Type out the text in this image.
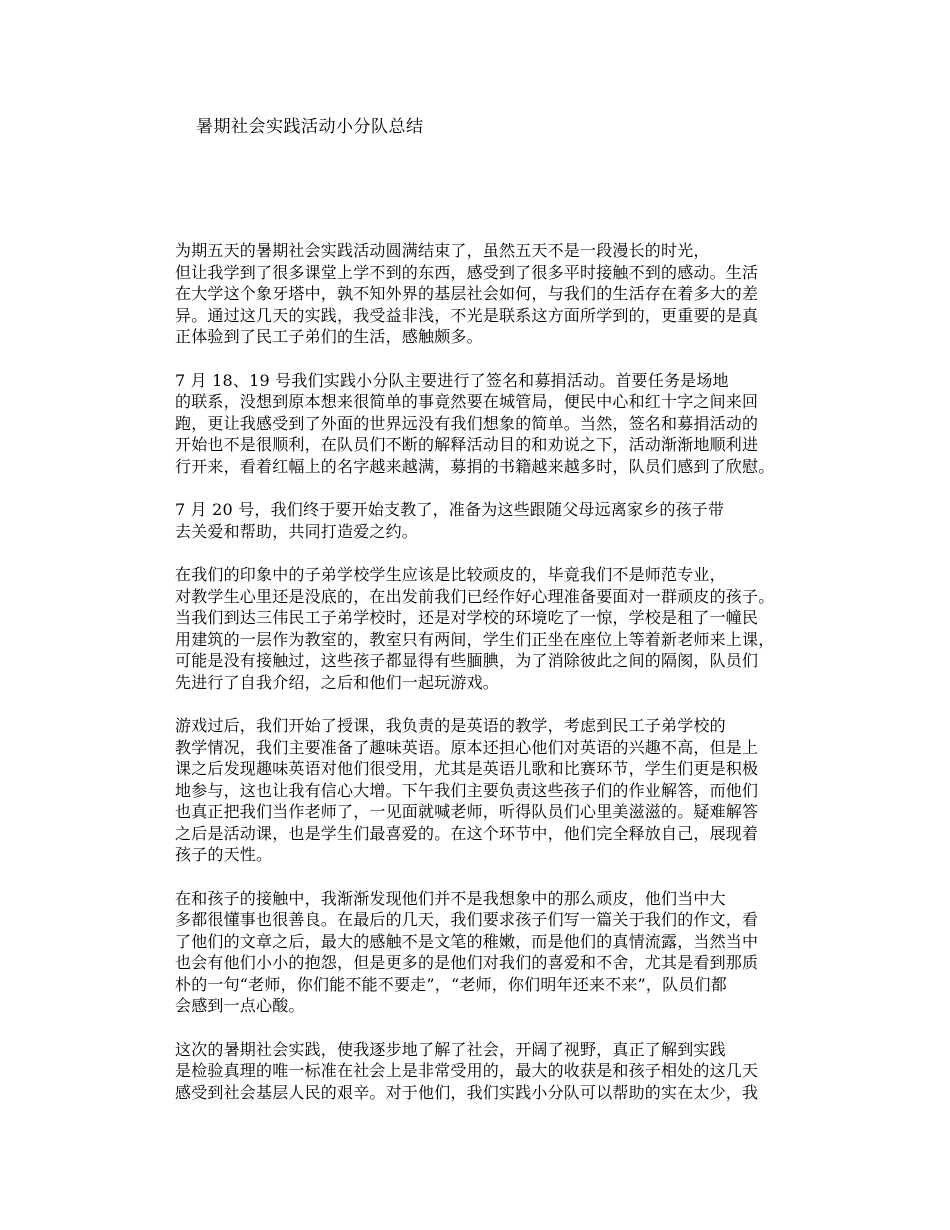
暑期社会实践活动小分队总结

为期五天的暑期社会实践活动圆满结束了，虽然五天不是一段漫长的时光，
但让我学到了很多课堂上学不到的东西，感受到了很多平时接触不到的感动。生活
在大学这个象牙塔中，孰不知外界的基层社会如何，与我们的生活存在着多大的差
异。通过这几天的实践，我受益非浅，不光是联系这方面所学到的，更重要的是真
正体验到了民工子弟们的生活，感触颇多。

7 月 18、19 号我们实践小分队主要进行了签名和募捐活动。首要任务是场地
的联系，没想到原本想来很简单的事竟然要在城管局，便民中心和红十字之间来回
跑，更让我感受到了外面的世界远没有我们想象的简单。当然，签名和募捐活动的
开始也不是很顺利，在队员们不断的解释活动目的和劝说之下，活动渐渐地顺利进
行开来，看着红幅上的名字越来越满，募捐的书籍越来越多时，队员们感到了欣慰。

7 月 20 号，我们终于要开始支教了，准备为这些跟随父母远离家乡的孩子带
去关爱和帮助，共同打造爱之约。

在我们的印象中的子弟学校学生应该是比较顽皮的，毕竟我们不是师范专业，
对教学生心里还是没底的，在出发前我们已经作好心理准备要面对一群顽皮的孩子。
当我们到达三伟民工子弟学校时，还是对学校的环境吃了一惊，学校是租了一幢民
用建筑的一层作为教室的，教室只有两间，学生们正坐在座位上等着新老师来上课，
可能是没有接触过，这些孩子都显得有些腼腆，为了消除彼此之间的隔阂，队员们
先进行了自我介绍，之后和他们一起玩游戏。

游戏过后，我们开始了授课，我负责的是英语的教学，考虑到民工子弟学校的
教学情况，我们主要准备了趣味英语。原本还担心他们对英语的兴趣不高，但是上
课之后发现趣味英语对他们很受用，尤其是英语儿歌和比赛环节，学生们更是积极
地参与，这也让我有信心大增。下午我们主要负责这些孩子们的作业解答，而他们
也真正把我们当作老师了，一见面就喊老师，听得队员们心里美滋滋的。疑难解答
之后是活动课，也是学生们最喜爱的。在这个环节中，他们完全释放自己，展现着
孩子的天性。

在和孩子的接触中，我渐渐发现他们并不是我想象中的那么顽皮，他们当中大
多都很懂事也很善良。在最后的几天，我们要求孩子们写一篇关于我们的作文，看
了他们的文章之后，最大的感触不是文笔的稚嫩，而是他们的真情流露，当然当中
也会有他们小小的抱怨，但是更多的是他们对我们的喜爱和不舍，尤其是看到那质
朴的一句“老师，你们能不能不要走”，“老师，你们明年还来不来”，队员们都
会感到一点心酸。

这次的暑期社会实践，使我逐步地了解了社会，开阔了视野，真正了解到实践
是检验真理的唯一标准在社会上是非常受用的，最大的收获是和孩子相处的这几天
感受到社会基层人民的艰辛。对于他们，我们实践小分队可以帮助的实在太少，我
